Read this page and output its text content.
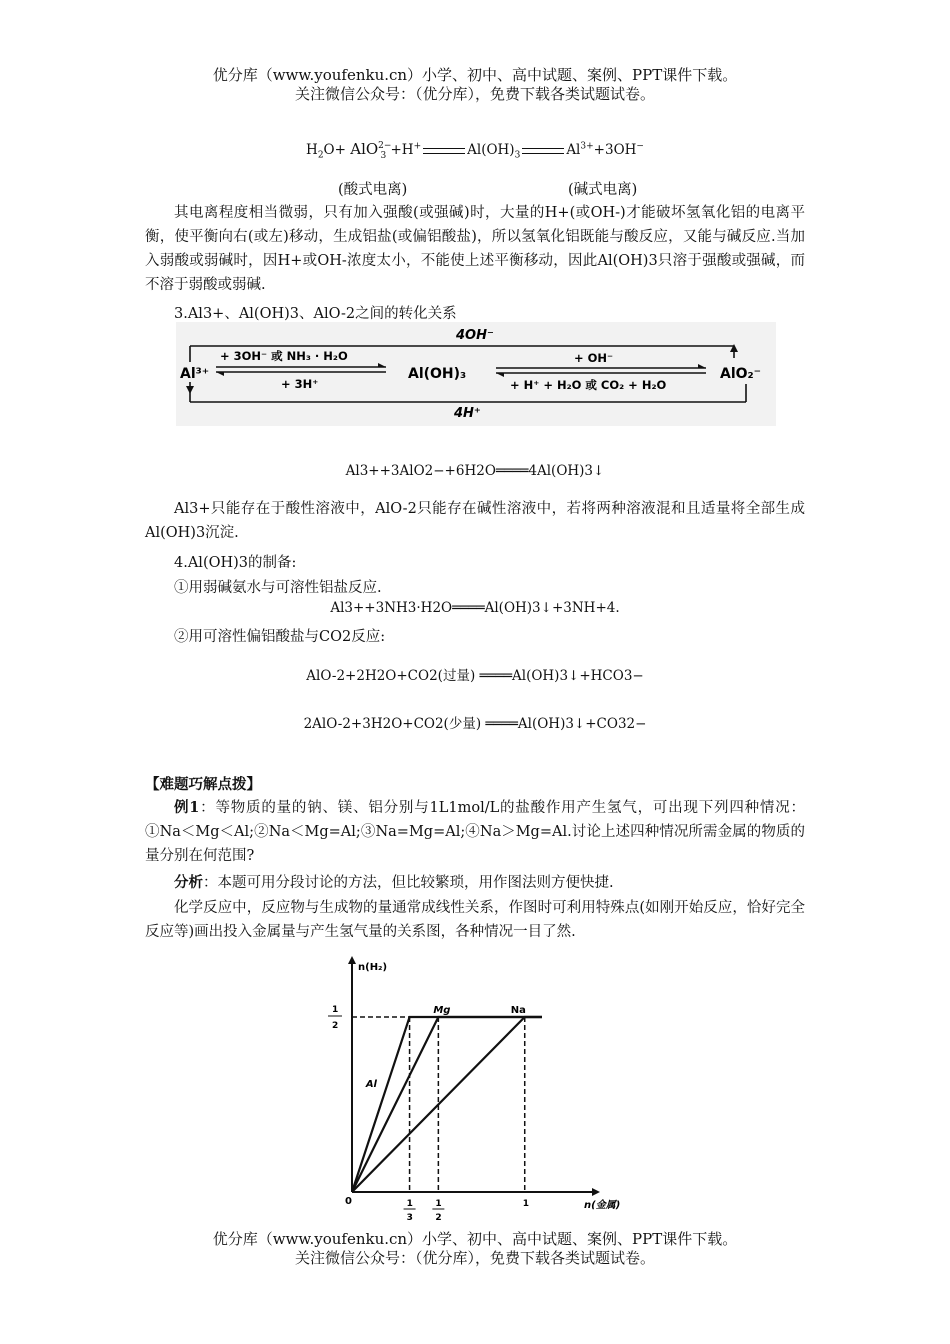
优分库（www.youfenku.cn）小学、初中、高中试题、案例、PPT课件下载。
关注微信公众号：（优分库），免费下载各类试题试卷。
$H_2O+ AlO^{2-}_3 +H^+$	$Al(OH)_3$	$Al^{3+}+3OH^-$
(酸式电离)	(碱式电离)
其电离程度相当微弱，只有加入强酸(或强碱)时，大量的H+(或OH-)才能破坏氢氧化铝的电离平衡，使平衡向右(或左)移动，生成铝盐(或偏铝酸盐)，所以氢氧化铝既能与酸反应，又能与碱反应.当加入弱酸或弱碱时，因H+或OH-浓度太小，不能使上述平衡移动，因此Al(OH)3只溶于强酸或强碱，而不溶于弱酸或弱碱.
3.Al3+、Al(OH)3、AlO-2之间的转化关系
4OH⁻
Al³⁺
+ 3OH⁻ 或 NH₃ · H₂O
+ 3H⁺
Al(OH)₃
+ OH⁻
+ H⁺ + H₂O 或 CO₂ + H₂O
AlO₂⁻
4H⁺
Al3++3AlO2−+6H2O════4Al(OH)3↓
Al3+只能存在于酸性溶液中，AlO-2只能存在碱性溶液中，若将两种溶液混和且适量将全部生成Al(OH)3沉淀.
4.Al(OH)3的制备:
①用弱碱氨水与可溶性铝盐反应.
Al3++3NH3·H2O════Al(OH)3↓+3NH+4.
②用可溶性偏铝酸盐与CO2反应:
AlO-2+2H2O+CO2(过量) ════Al(OH)3↓+HCO3−
2AlO-2+3H2O+CO2(少量) ════Al(OH)3↓+CO32−
【难题巧解点拨】
例1：等物质的量的钠、镁、铝分别与1L1mol/L的盐酸作用产生氢气，可出现下列四种情况：①Na＜Mg＜Al;②Na＜Mg=Al;③Na=Mg=Al;④Na＞Mg=Al.讨论上述四种情况所需金属的物质的量分别在何范围?
分析：本题可用分段讨论的方法，但比较繁琐，用作图法则方便快捷.
化学反应中，反应物与生成物的量通常成线性关系，作图时可利用特殊点(如刚开始反应，恰好完全反应等)画出投入金属量与产生氢气量的关系图，各种情况一目了然.
n(H₂)
n(金属)
0
1
2
1
3
1
2
1
Al
Mg	Na
优分库（www.youfenku.cn）小学、初中、高中试题、案例、PPT课件下载。
关注微信公众号：（优分库），免费下载各类试题试卷。
